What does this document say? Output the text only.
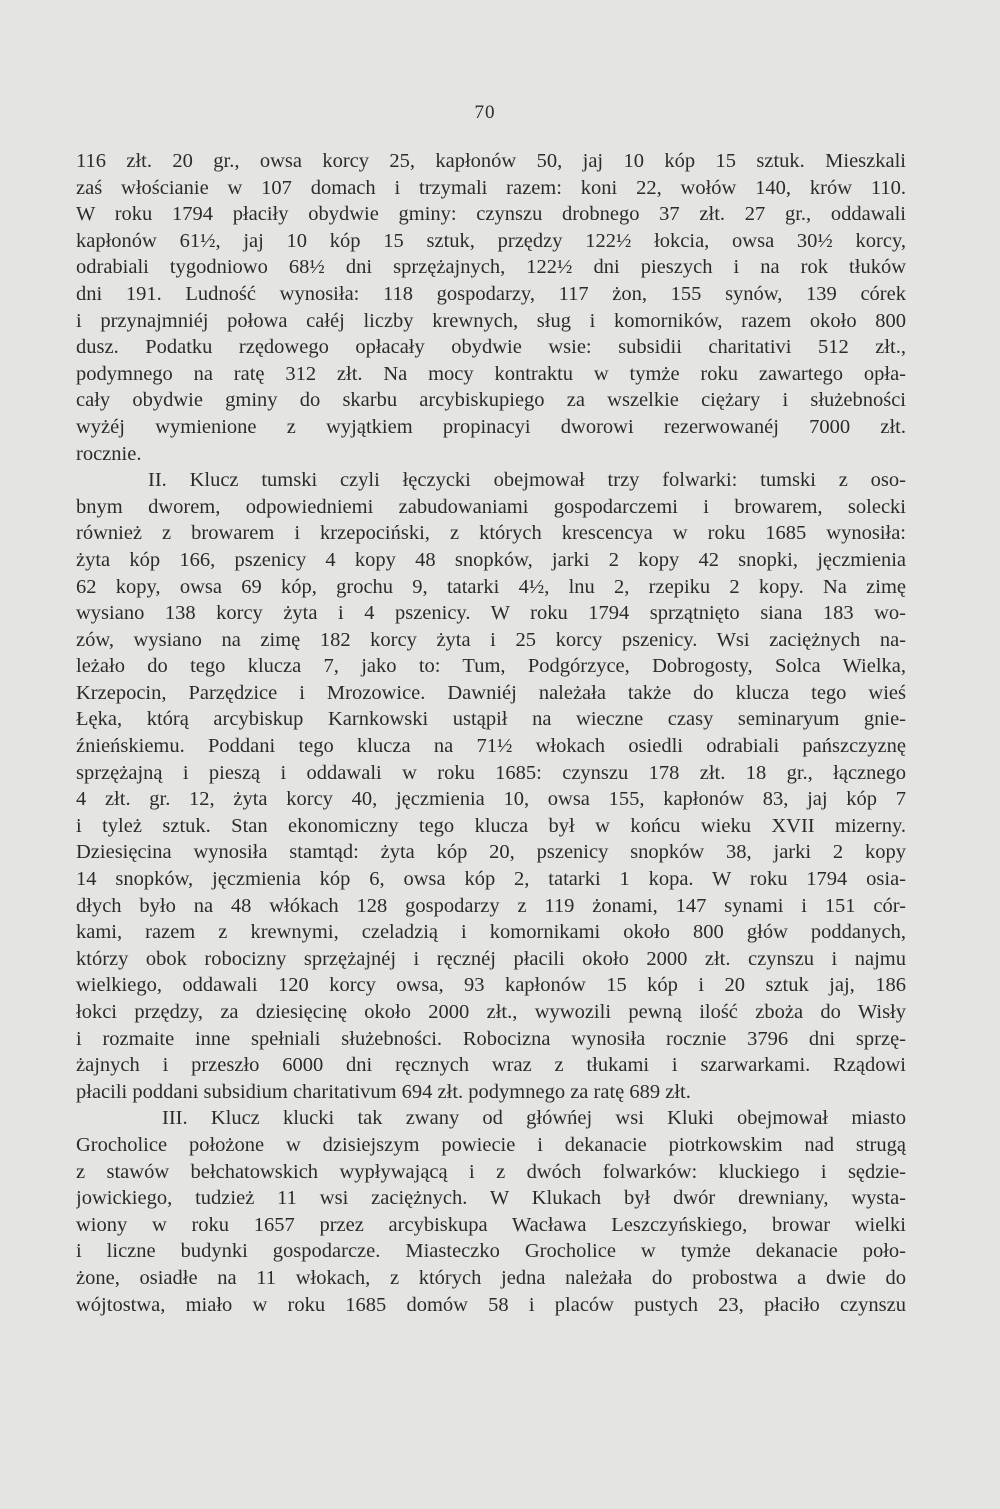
70
116 złt. 20 gr., owsa korcy 25, kapłonów 50, jaj 10 kóp 15 sztuk. Mieszkali
zaś włościanie w 107 domach i trzymali razem: koni 22, wołów 140, krów 110.
W roku 1794 płaciły obydwie gminy: czynszu drobnego 37 złt. 27 gr., oddawali
kapłonów 61½, jaj 10 kóp 15 sztuk, przędzy 122½ łokcia, owsa 30½ korcy,
odrabiali tygodniowo 68½ dni sprzężajnych, 122½ dni pieszych i na rok tłuków
dni 191. Ludność wynosiła: 118 gospodarzy, 117 żon, 155 synów, 139 córek
i przynajmniéj połowa całéj liczby krewnych, sług i komorników, razem około 800
dusz. Podatku rzędowego opłacały obydwie wsie: subsidii charitativi 512 złt.,
podymnego na ratę 312 złt. Na mocy kontraktu w tymże roku zawartego opła-
cały obydwie gminy do skarbu arcybiskupiego za wszelkie ciężary i służebności
wyżéj wymienione z wyjątkiem propinacyi dworowi rezerwowanéj 7000 złt.
rocznie.
II. Klucz tumski czyli łęczycki obejmował trzy folwarki: tumski z oso-
bnym dworem, odpowiedniemi zabudowaniami gospodarczemi i browarem, solecki
również z browarem i krzepociński, z których krescencya w roku 1685 wynosiła:
żyta kóp 166, pszenicy 4 kopy 48 snopków, jarki 2 kopy 42 snopki, jęczmienia
62 kopy, owsa 69 kóp, grochu 9, tatarki 4½, lnu 2, rzepiku 2 kopy. Na zimę
wysiano 138 korcy żyta i 4 pszenicy. W roku 1794 sprzątnięto siana 183 wo-
zów, wysiano na zimę 182 korcy żyta i 25 korcy pszenicy. Wsi zaciężnych na-
leżało do tego klucza 7, jako to: Tum, Podgórzyce, Dobrogosty, Solca Wielka,
Krzepocin, Parzędzice i Mrozowice. Dawniéj należała także do klucza tego wieś
Łęka, którą arcybiskup Karnkowski ustąpił na wieczne czasy seminaryum gnie-
źnieńskiemu. Poddani tego klucza na 71½ włokach osiedli odrabiali pańszczyznę
sprzężajną i pieszą i oddawali w roku 1685: czynszu 178 złt. 18 gr., łącznego
4 złt. gr. 12, żyta korcy 40, jęczmienia 10, owsa 155, kapłonów 83, jaj kóp 7
i tyleż sztuk. Stan ekonomiczny tego klucza był w końcu wieku XVII mizerny.
Dziesięcina wynosiła stamtąd: żyta kóp 20, pszenicy snopków 38, jarki 2 kopy
14 snopków, jęczmienia kóp 6, owsa kóp 2, tatarki 1 kopa. W roku 1794 osia-
dłych było na 48 włókach 128 gospodarzy z 119 żonami, 147 synami i 151 cór-
kami, razem z krewnymi, czeladzią i komornikami około 800 głów poddanych,
którzy obok robocizny sprzężajnéj i ręcznéj płacili około 2000 złt. czynszu i najmu
wielkiego, oddawali 120 korcy owsa, 93 kapłonów 15 kóp i 20 sztuk jaj, 186
łokci przędzy, za dziesięcinę około 2000 złt., wywozili pewną ilość zboża do Wisły
i rozmaite inne spełniali służebności. Robocizna wynosiła rocznie 3796 dni sprzę-
żajnych i przeszło 6000 dni ręcznych wraz z tłukami i szarwarkami. Rządowi
płacili poddani subsidium charitativum 694 złt. podymnego za ratę 689 złt.
III. Klucz klucki tak zwany od główńej wsi Kluki obejmował miasto
Grocholice położone w dzisiejszym powiecie i dekanacie piotrkowskim nad strugą
z stawów bełchatowskich wypływającą i z dwóch folwarków: kluckiego i sędzie-
jowickiego, tudzież 11 wsi zaciężnych. W Klukach był dwór drewniany, wysta-
wiony w roku 1657 przez arcybiskupa Wacława Leszczyńskiego, browar wielki
i liczne budynki gospodarcze. Miasteczko Grocholice w tymże dekanacie poło-
żone, osiadłe na 11 włokach, z których jedna należała do probostwa a dwie do
wójtostwa, miało w roku 1685 domów 58 i placów pustych 23, płaciło czynszu
